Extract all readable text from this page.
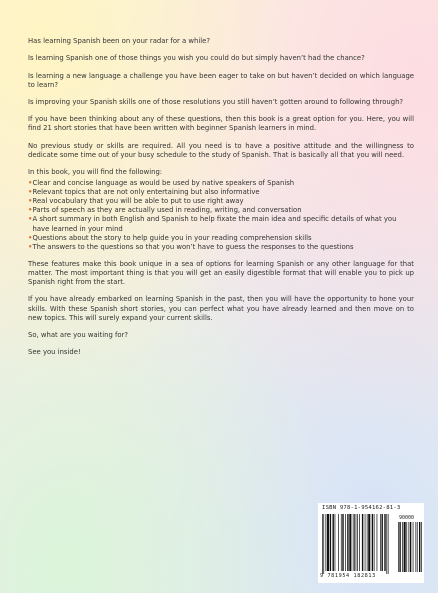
Has learning Spanish been on your radar for a while?

Is learning Spanish one of those things you wish you could do but simply haven’t had the chance?

Is learning a new language a challenge you have been eager to take on but haven’t decided on which language to learn?

Is improving your Spanish skills one of those resolutions you still haven’t gotten around to following through?

If you have been thinking about any of these questions, then this book is a great option for you. Here, you will find 21 short stories that have been written with beginner Spanish learners in mind.

No previous study or skills are required. All you need is to have a positive attitude and the willingness to dedicate some time out of your busy schedule to the study of Spanish. That is basically all that you will need.

In this book, you will find the following:

• Clear and concise language as would be used by native speakers of Spanish
• Relevant topics that are not only entertaining but also informative
• Real vocabulary that you will be able to put to use right away
• Parts of speech as they are actually used in reading, writing, and conversation
• A short summary in both English and Spanish to help fixate the main idea and specific details of what you have learned in your mind
• Questions about the story to help guide you in your reading comprehension skills
• The answers to the questions so that you won’t have to guess the responses to the questions

These features make this book unique in a sea of options for learning Spanish or any other language for that matter. The most important thing is that you will get an easily digestible format that will enable you to pick up Spanish right from the start.

If you have already embarked on learning Spanish in the past, then you will have the opportunity to hone your skills. With these Spanish short stories, you can perfect what you have already learned and then move on to new topics. This will surely expand your current skills.

So, what are you waiting for?

See you inside!

ISBN 978-1-954162-81-3
90000
9 781954 182813
